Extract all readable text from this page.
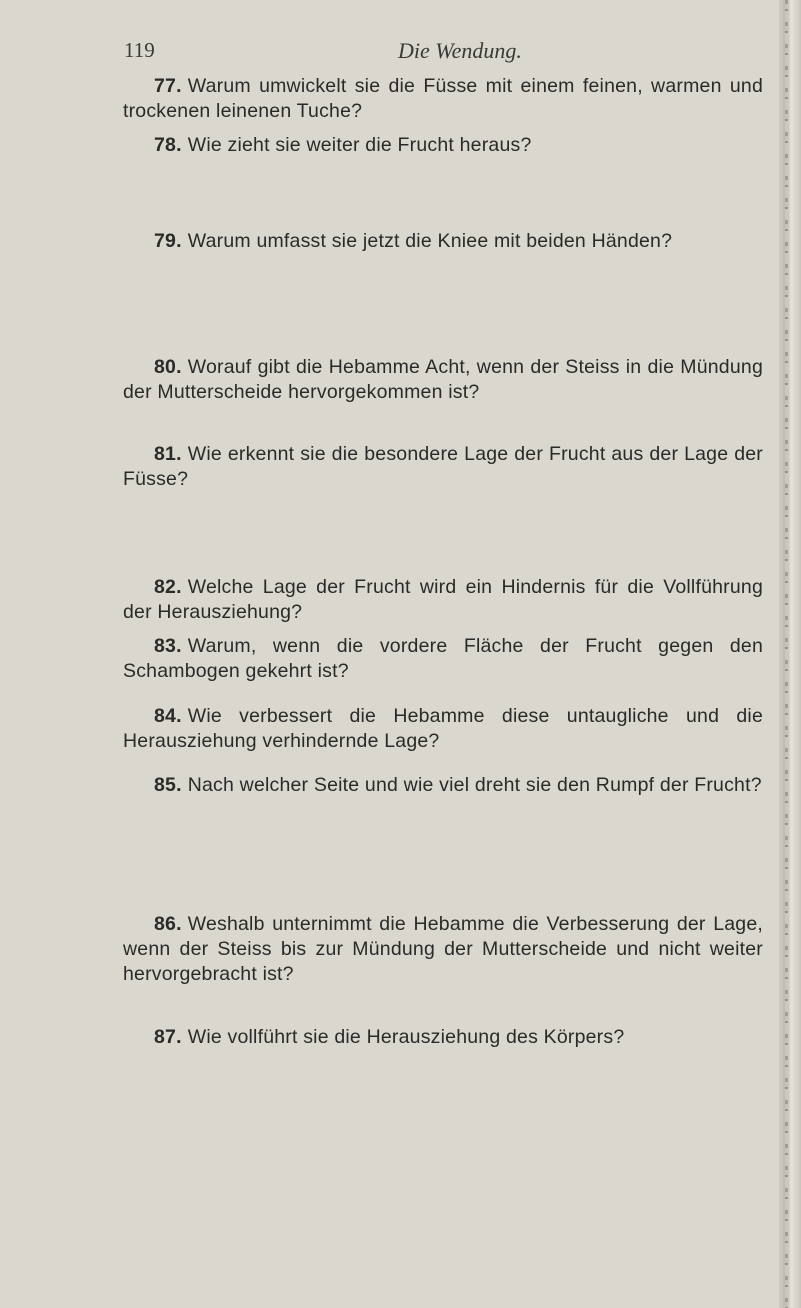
119	Die Wendung.
77. Warum umwickelt sie die Füsse mit einem feinen, warmen und trockenen leinenen Tuche?
78. Wie zieht sie weiter die Frucht heraus?
79. Warum umfasst sie jetzt die Kniee mit beiden Händen?
80. Worauf gibt die Hebamme Acht, wenn der Steiss in die Mündung der Mutterscheide hervorgekommen ist?
81. Wie erkennt sie die besondere Lage der Frucht aus der Lage der Füsse?
82. Welche Lage der Frucht wird ein Hindernis für die Vollführung der Herausziehung?
83. Warum, wenn die vordere Fläche der Frucht gegen den Schambogen gekehrt ist?
84. Wie verbessert die Hebamme diese untaugliche und die Herausziehung verhindernde Lage?
85. Nach welcher Seite und wie viel dreht sie den Rumpf der Frucht?
86. Weshalb unternimmt die Hebamme die Verbesserung der Lage, wenn der Steiss bis zur Mündung der Mutterscheide und nicht weiter hervorgebracht ist?
87. Wie vollführt sie die Herausziehung des Körpers?
